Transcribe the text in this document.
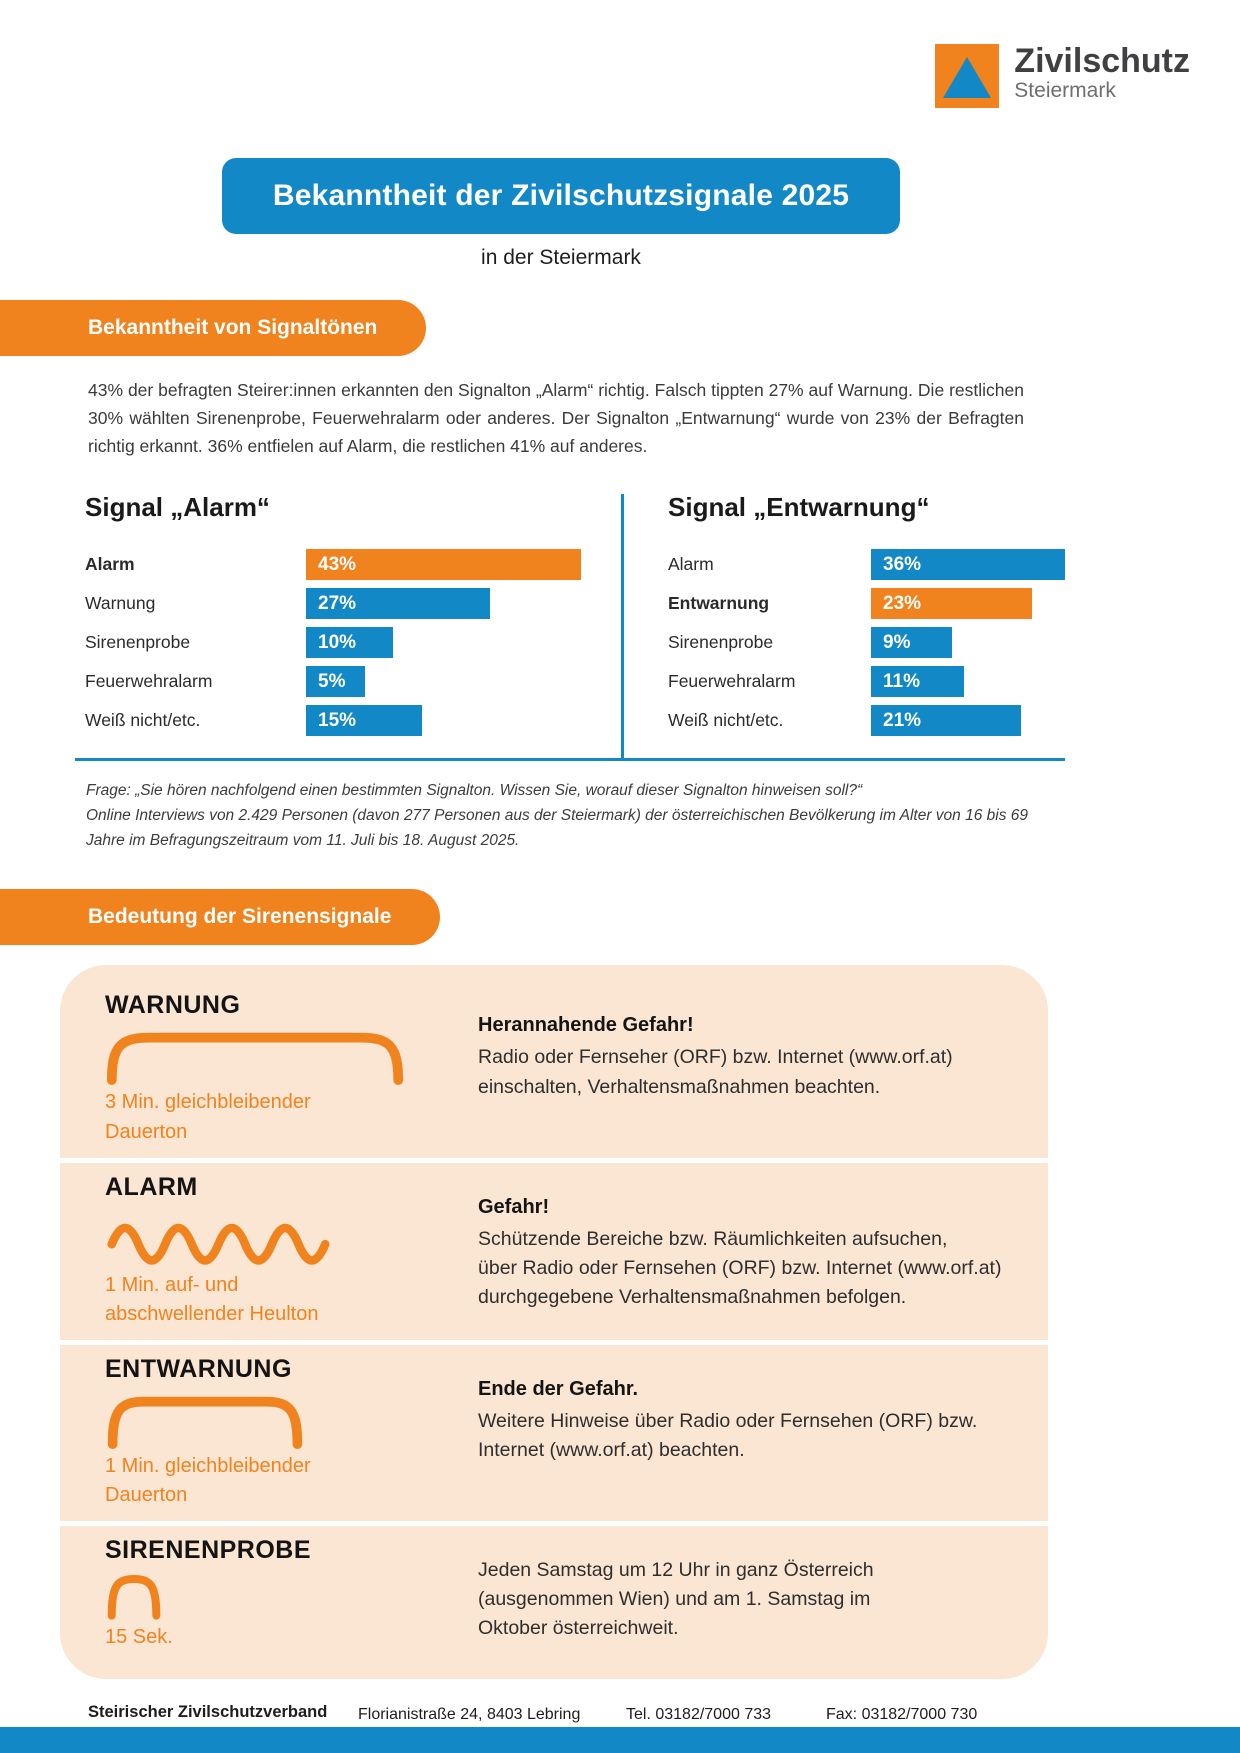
Zivilschutz
Steiermark
Bekanntheit der Zivilschutzsignale 2025
in der Steiermark
Bekanntheit von Signaltönen
43% der befragten Steirer:innen erkannten den Signalton „Alarm“ richtig. Falsch tippten 27% auf Warnung. Die restlichen 30% wählten Sirenenprobe, Feuerwehralarm oder anderes. Der Signalton „Entwarnung“ wurde von 23% der Befragten richtig erkannt. 36% entfielen auf Alarm, die restlichen 41% auf anderes.
Signal „Alarm“
Alarm	43%
Warnung	27%
Sirenenprobe	10%
Feuerwehralarm	5%
Weiß nicht/etc.	15%
Signal „Entwarnung“
Alarm	36%
Entwarnung	23%
Sirenenprobe	9%
Feuerwehralarm	11%
Weiß nicht/etc.	21%
Frage: „Sie hören nachfolgend einen bestimmten Signalton. Wissen Sie, worauf dieser Signalton hinweisen soll?“
Online Interviews von 2.429 Personen (davon 277 Personen aus der Steiermark) der österreichischen Bevölkerung im Alter von 16 bis 69 Jahre im Befragungszeitraum vom 11. Juli bis 18. August 2025.
Bedeutung der Sirenensignale
WARNUNG
3 Min. gleichbleibender
Dauerton
Herannahende Gefahr!
Radio oder Fernseher (ORF) bzw. Internet (www.orf.at)
einschalten, Verhaltensmaßnahmen beachten.
ALARM
1 Min. auf- und
abschwellender Heulton
Gefahr!
Schützende Bereiche bzw. Räumlichkeiten aufsuchen,
über Radio oder Fernsehen (ORF) bzw. Internet (www.orf.at)
durchgegebene Verhaltensmaßnahmen befolgen.
ENTWARNUNG
1 Min. gleichbleibender
Dauerton
Ende der Gefahr.
Weitere Hinweise über Radio oder Fernsehen (ORF) bzw.
Internet (www.orf.at) beachten.
SIRENENPROBE
15 Sek.
Jeden Samstag um 12 Uhr in ganz Österreich
(ausgenommen Wien) und am 1. Samstag im
Oktober österreichweit.
Steirischer Zivilschutzverband	Florianistraße 24, 8403 Lebring	Tel. 03182/7000 733	Fax: 03182/7000 730
